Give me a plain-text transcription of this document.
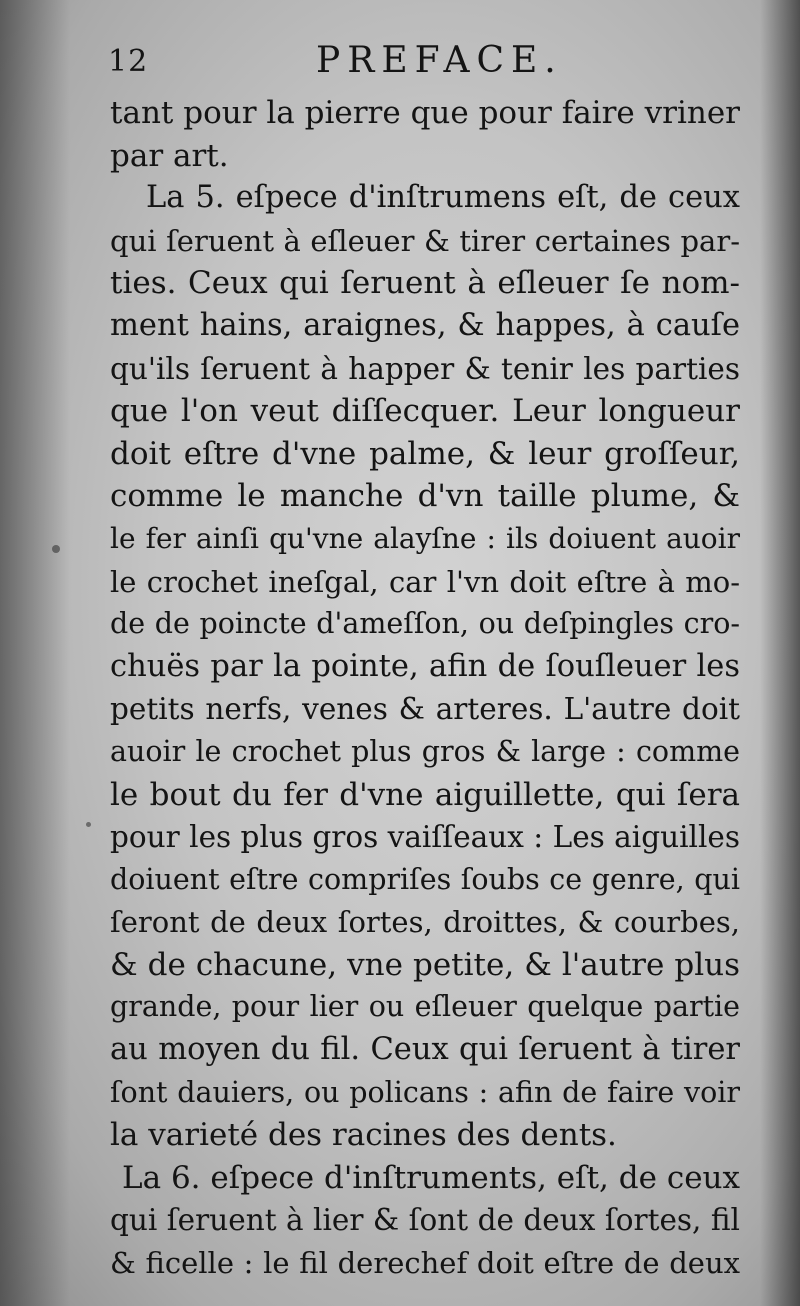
12	PREFACE.
tant pour la pierre que pour faire vriner
par art.
La 5. eſpece d'inſtrumens eſt, de ceux
qui ſeruent à eſleuer & tirer certaines par-
ties. Ceux qui ſeruent à eſleuer ſe nom-
ment hains, araignes, & happes, à cauſe
qu'ils ſeruent à happer & tenir les parties
que l'on veut diſſecquer. Leur longueur
doit eſtre d'vne palme, & leur groſſeur,
comme le manche d'vn taille plume, &
le fer ainſi qu'vne alayſne : ils doiuent auoir
le crochet ineſgal, car l'vn doit eſtre à mo-
de de poincte d'ameſſon, ou deſpingles cro-
chuës par la pointe, afin de ſouſleuer les
petits nerfs, venes & arteres. L'autre doit
auoir le crochet plus gros & large : comme
le bout du fer d'vne aiguillette, qui ſera
pour les plus gros vaiſſeaux : Les aiguilles
doiuent eſtre compriſes ſoubs ce genre, qui
ſeront de deux ſortes, droittes, & courbes,
& de chacune, vne petite, & l'autre plus
grande, pour lier ou eſleuer quelque partie
au moyen du fil. Ceux qui ſeruent à tirer
ſont dauiers, ou policans : afin de faire voir
la varieté des racines des dents.
La 6. eſpece d'inſtruments, eſt, de ceux
qui ſeruent à lier & ſont de deux ſortes, fil
& ficelle : le fil derechef doit eſtre de deux
